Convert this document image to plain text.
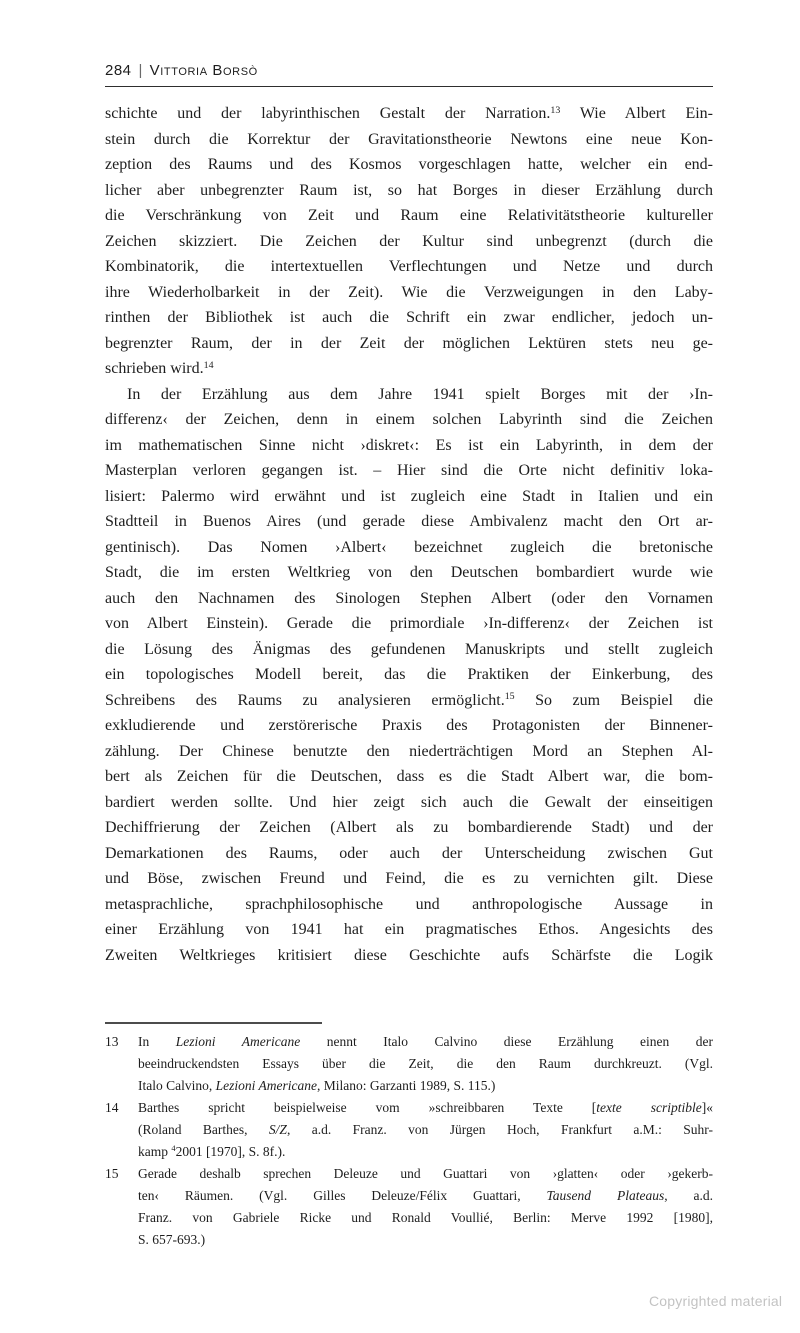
284 | Vittoria Borsò
schichte und der labyrinthischen Gestalt der Narration.$^{13}$ Wie Albert Ein-
stein durch die Korrektur der Gravitationstheorie Newtons eine neue Kon-
zeption des Raums und des Kosmos vorgeschlagen hatte, welcher ein end-
licher aber unbegrenzter Raum ist, so hat Borges in dieser Erzählung durch
die Verschränkung von Zeit und Raum eine Relativitätstheorie kultureller
Zeichen skizziert. Die Zeichen der Kultur sind unbegrenzt (durch die
Kombinatorik, die intertextuellen Verflechtungen und Netze und durch
ihre Wiederholbarkeit in der Zeit). Wie die Verzweigungen in den Laby-
rinthen der Bibliothek ist auch die Schrift ein zwar endlicher, jedoch un-
begrenzter Raum, der in der Zeit der möglichen Lektüren stets neu ge-
schrieben wird.$^{14}$
In der Erzählung aus dem Jahre 1941 spielt Borges mit der ›In-
differenz‹ der Zeichen, denn in einem solchen Labyrinth sind die Zeichen
im mathematischen Sinne nicht ›diskret‹: Es ist ein Labyrinth, in dem der
Masterplan verloren gegangen ist. – Hier sind die Orte nicht definitiv loka-
lisiert: Palermo wird erwähnt und ist zugleich eine Stadt in Italien und ein
Stadtteil in Buenos Aires (und gerade diese Ambivalenz macht den Ort ar-
gentinisch). Das Nomen ›Albert‹ bezeichnet zugleich die bretonische
Stadt, die im ersten Weltkrieg von den Deutschen bombardiert wurde wie
auch den Nachnamen des Sinologen Stephen Albert (oder den Vornamen
von Albert Einstein). Gerade die primordiale ›In-differenz‹ der Zeichen ist
die Lösung des Änigmas des gefundenen Manuskripts und stellt zugleich
ein topologisches Modell bereit, das die Praktiken der Einkerbung, des
Schreibens des Raums zu analysieren ermöglicht.$^{15}$ So zum Beispiel die
exkludierende und zerstörerische Praxis des Protagonisten der Binnener-
zählung. Der Chinese benutzte den niederträchtigen Mord an Stephen Al-
bert als Zeichen für die Deutschen, dass es die Stadt Albert war, die bom-
bardiert werden sollte. Und hier zeigt sich auch die Gewalt der einseitigen
Dechiffrierung der Zeichen (Albert als zu bombardierende Stadt) und der
Demarkationen des Raums, oder auch der Unterscheidung zwischen Gut
und Böse, zwischen Freund und Feind, die es zu vernichten gilt. Diese
metasprachliche, sprachphilosophische und anthropologische Aussage in
einer Erzählung von 1941 hat ein pragmatisches Ethos. Angesichts des
Zweiten Weltkrieges kritisiert diese Geschichte aufs Schärfste die Logik
13	In Lezioni Americane nennt Italo Calvino diese Erzählung einen der
beeindruckendsten Essays über die Zeit, die den Raum durchkreuzt. (Vgl.
Italo Calvino, Lezioni Americane, Milano: Garzanti 1989, S. 115.)
14	Barthes spricht beispielweise vom »schreibbaren Texte [texte scriptible]«
(Roland Barthes, S/Z, a.d. Franz. von Jürgen Hoch, Frankfurt a.M.: Suhr-
kamp $^4$2001 [1970], S. 8f.).
15	Gerade deshalb sprechen Deleuze und Guattari von ›glatten‹ oder ›gekerb-
ten‹ Räumen. (Vgl. Gilles Deleuze/Félix Guattari, Tausend Plateaus, a.d.
Franz. von Gabriele Ricke und Ronald Voullié, Berlin: Merve 1992 [1980],
S. 657-693.)
Copyrighted material
